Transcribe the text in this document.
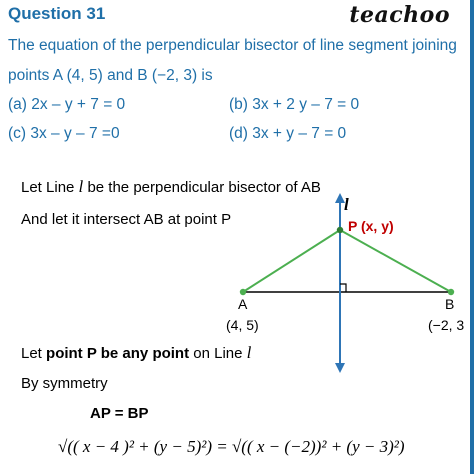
Question 31	teachoo
The equation of the perpendicular bisector of line segment joining
points A (4, 5) and B (−2, 3) is
(a) 2x – y + 7 = 0	(b) 3x + 2 y – 7 = 0
(c) 3x – y – 7 =0	(d) 3x + y – 7 = 0
Let Line l be the perpendicular bisector of AB
And let it intersect AB at point P
A	B
(4, 5)	(−2, 3
P (x, y)
l
Let point P be any point on Line l
By symmetry
AP = BP
√(( x − 4 )² + (y − 5)²) = √(( x − (−2))² + (y − 3)²)
